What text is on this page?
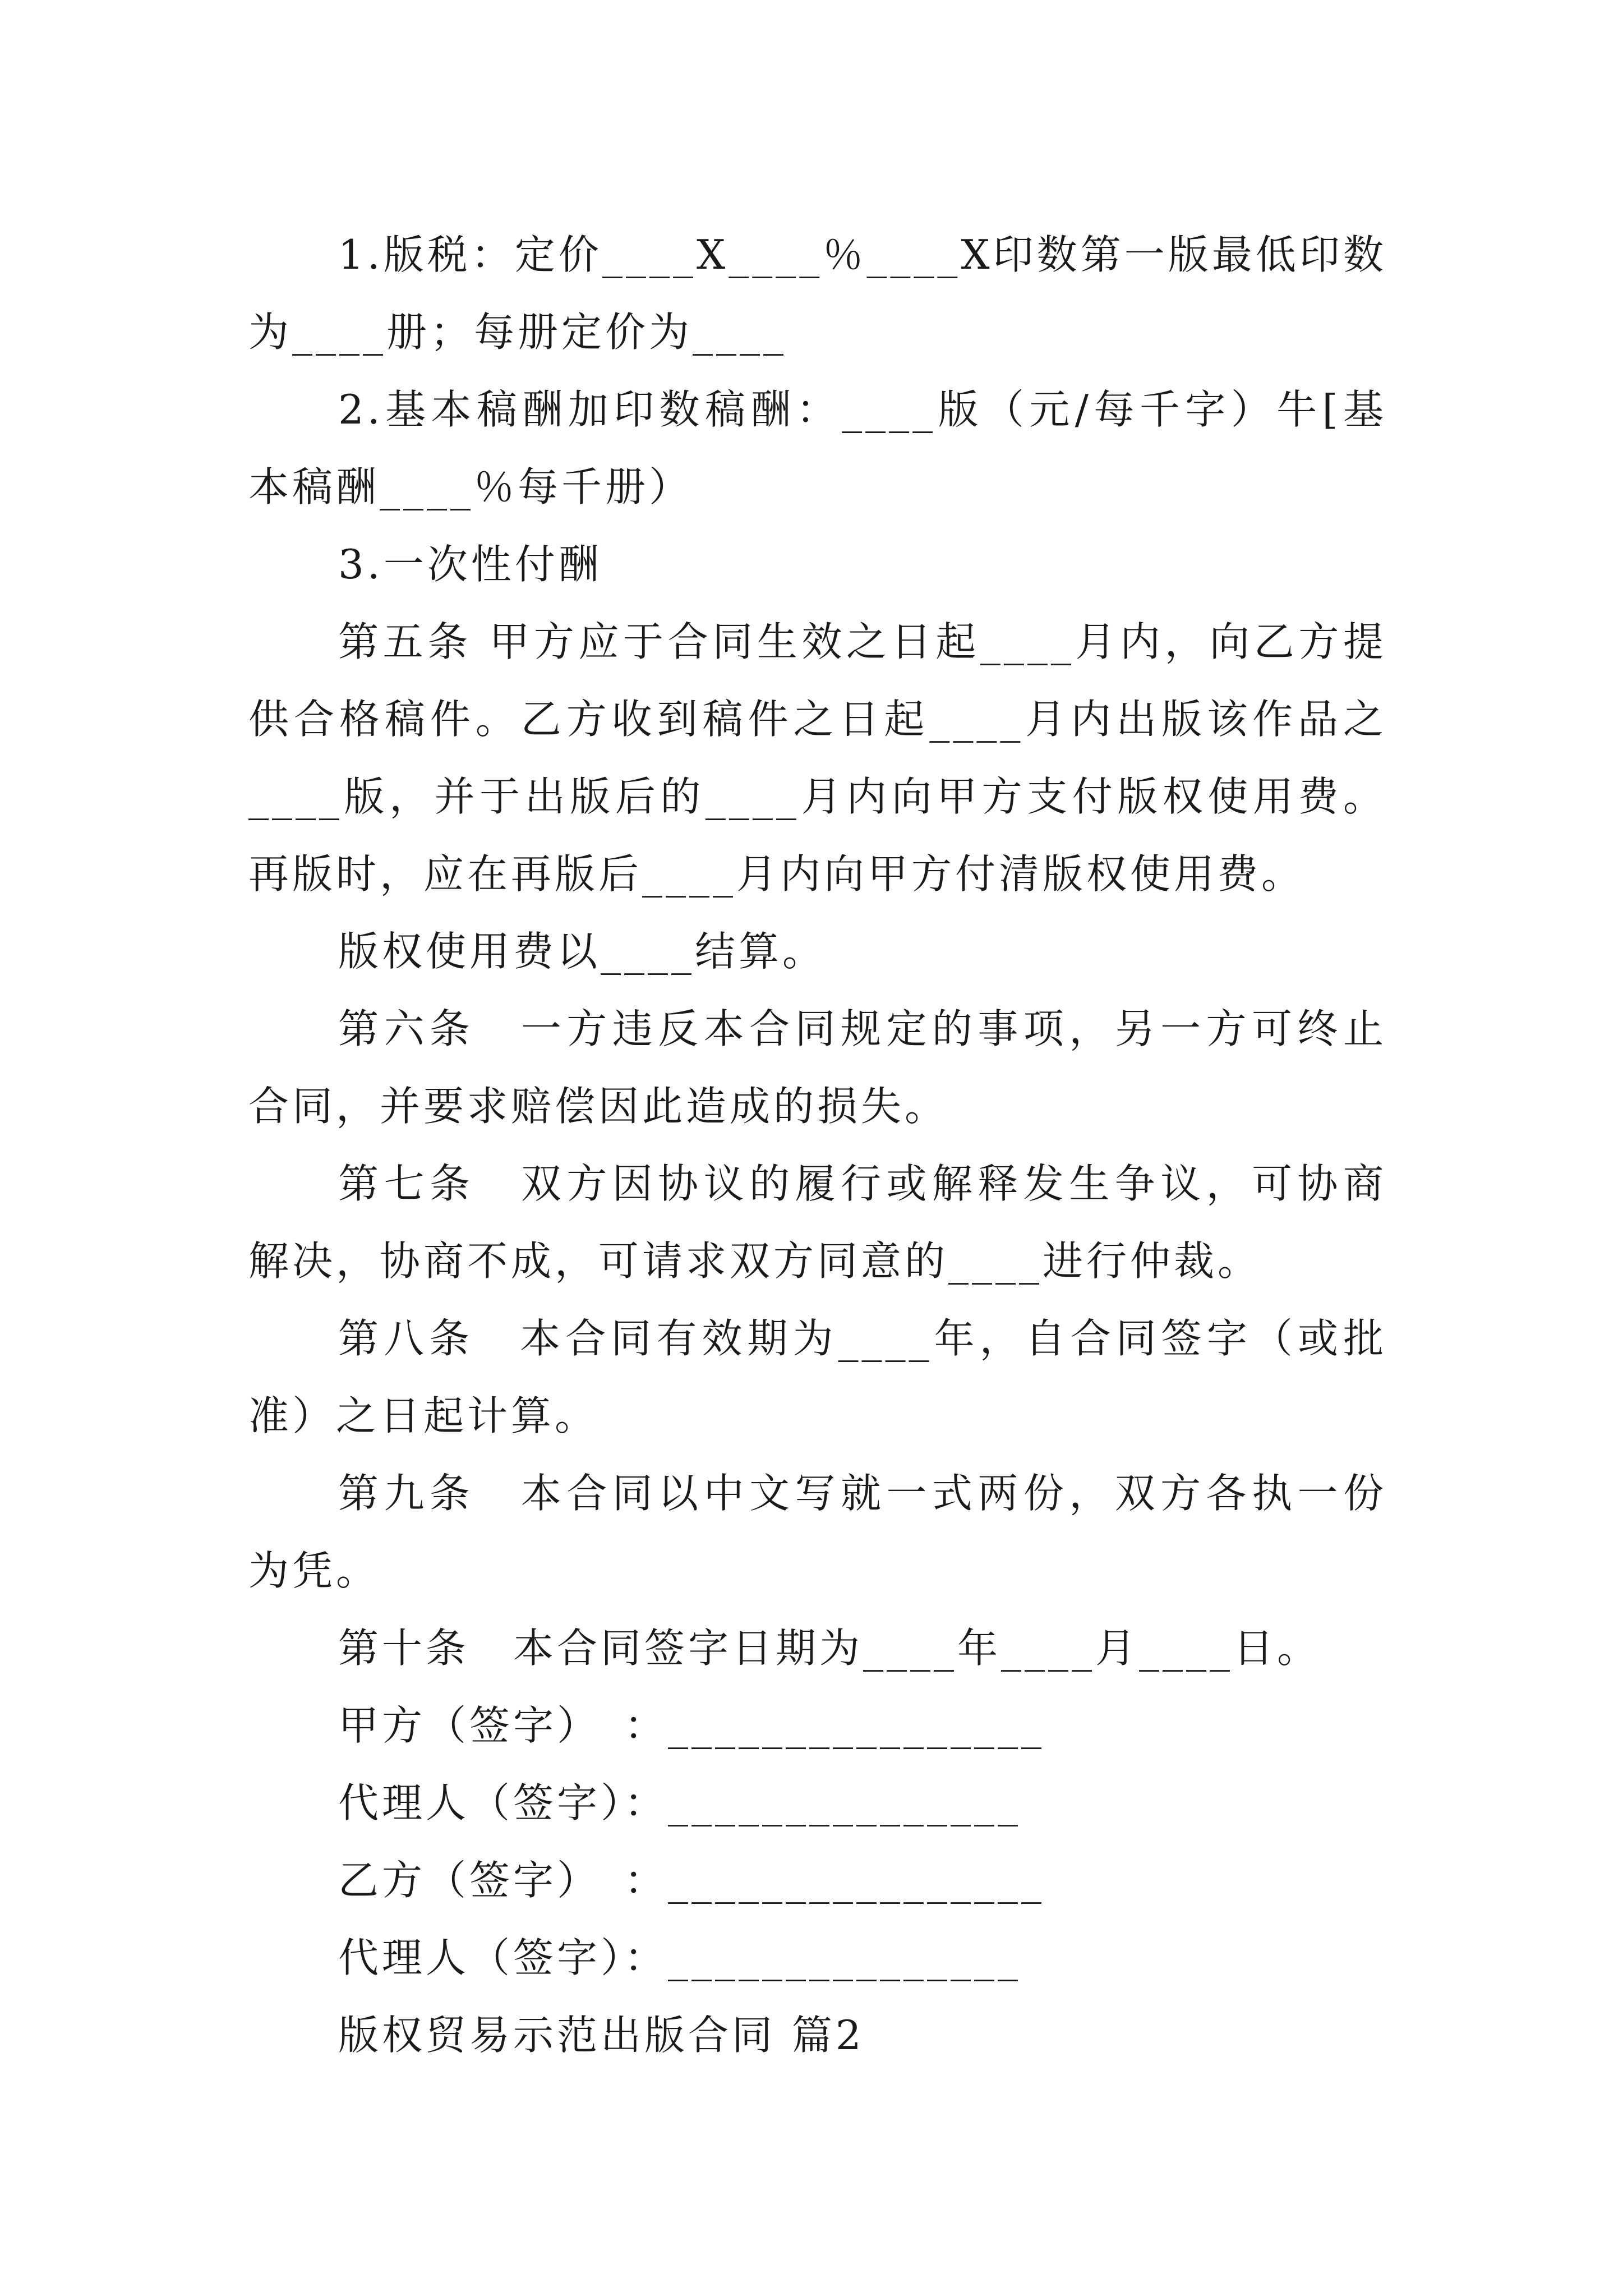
1.版税：定价____X____％____X印数第一版最低印数为____册；每册定价为____

2.基本稿酬加印数稿酬：____版（元/每千字）牛[基本稿酬____％每千册）

3.一次性付酬

第五条 甲方应于合同生效之日起____月内，向乙方提供合格稿件。乙方收到稿件之日起____月内出版该作品之____版，并于出版后的____月内向甲方支付版权使用费。再版时，应在再版后____月内向甲方付清版权使用费。

版权使用费以____结算。

第六条　一方违反本合同规定的事项，另一方可终止合同，并要求赔偿因此造成的损失。

第七条　双方因协议的履行或解释发生争议，可协商解决，协商不成，可请求双方同意的____进行仲裁。

第八条　本合同有效期为____年，自合同签字（或批准）之日起计算。

第九条　本合同以中文写就一式两份，双方各执一份为凭。

第十条　本合同签字日期为____年____月____日。

甲方（签字）　：________________

代理人（签字）：_______________

乙方（签字）　：________________

代理人（签字）：_______________

版权贸易示范出版合同 篇2
